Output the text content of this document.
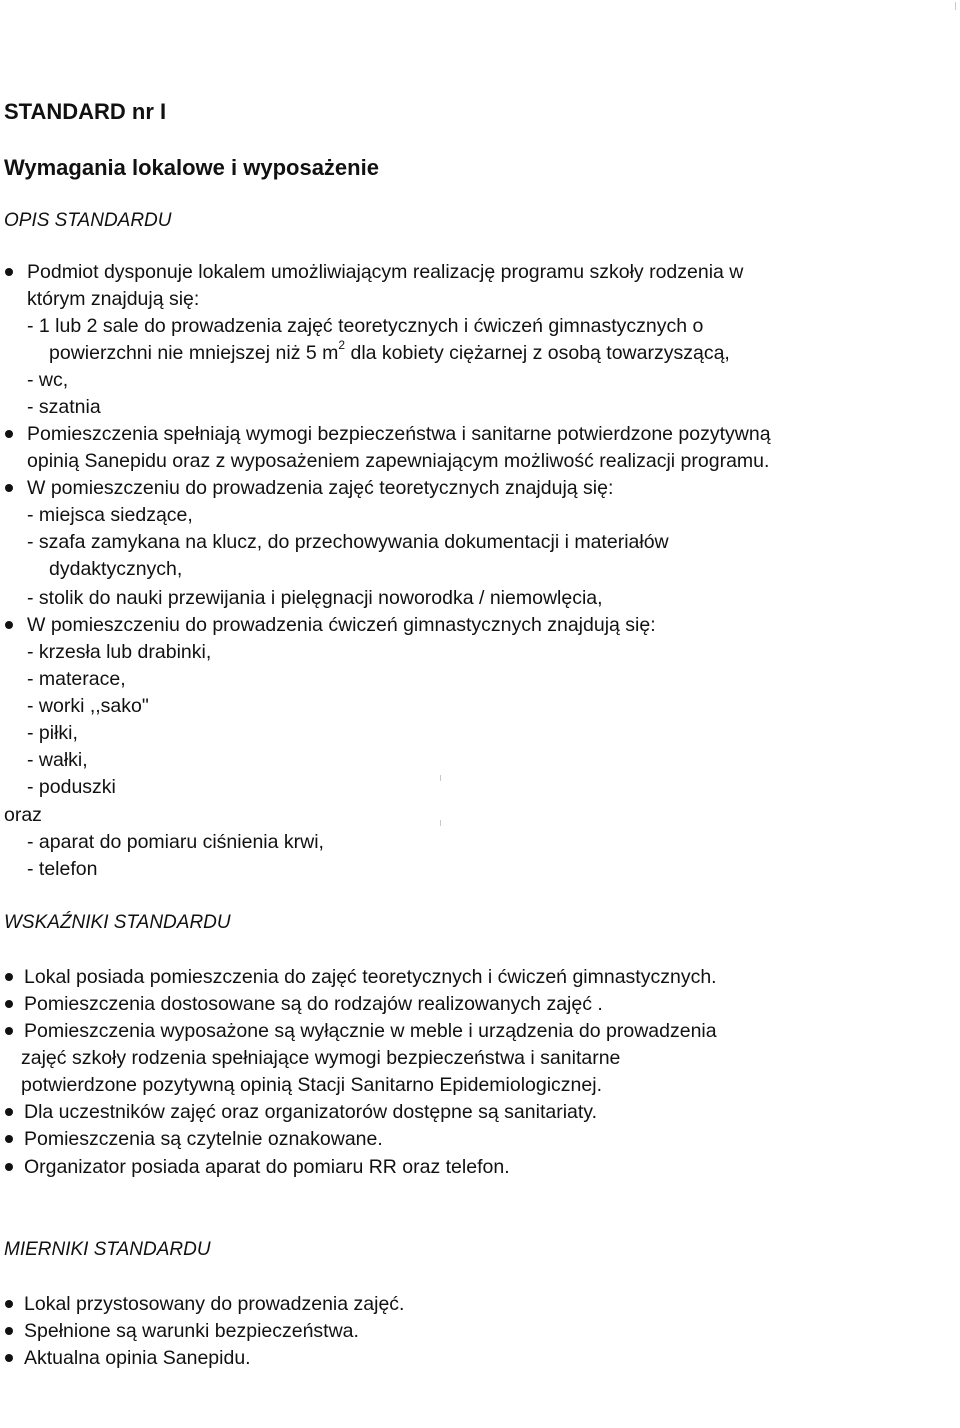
STANDARD nr I
Wymagania lokalowe i wyposażenie
OPIS STANDARDU
Podmiot dysponuje lokalem umożliwiającym realizację programu szkoły rodzenia w
którym znajdują się:
- 1 lub 2 sale do prowadzenia zajęć teoretycznych i ćwiczeń gimnastycznych o
powierzchni nie mniejszej niż 5 $m^2$ dla kobiety ciężarnej z osobą towarzyszącą,
- wc,
- szatnia
Pomieszczenia spełniają wymogi bezpieczeństwa i sanitarne potwierdzone pozytywną
opinią Sanepidu oraz z wyposażeniem zapewniającym możliwość realizacji programu.
W pomieszczeniu do prowadzenia zajęć teoretycznych znajdują się:
- miejsca siedzące,
- szafa zamykana na klucz, do przechowywania dokumentacji i materiałów
dydaktycznych,
- stolik do nauki przewijania i pielęgnacji noworodka / niemowlęcia,
W pomieszczeniu do prowadzenia ćwiczeń gimnastycznych znajdują się:
- krzesła lub drabinki,
- materace,
- worki ,,sako"
- piłki,
- wałki,
- poduszki
oraz
- aparat do pomiaru ciśnienia krwi,
- telefon
WSKAŹNIKI STANDARDU
Lokal posiada pomieszczenia do zajęć teoretycznych i ćwiczeń gimnastycznych.
Pomieszczenia dostosowane są do rodzajów realizowanych zajęć .
Pomieszczenia wyposażone są wyłącznie w meble i urządzenia do prowadzenia
zajęć szkoły rodzenia spełniające wymogi bezpieczeństwa i sanitarne
potwierdzone pozytywną opinią Stacji Sanitarno Epidemiologicznej.
Dla uczestników zajęć oraz organizatorów dostępne są sanitariaty.
Pomieszczenia są czytelnie oznakowane.
Organizator posiada aparat do pomiaru RR oraz telefon.
MIERNIKI STANDARDU
Lokal przystosowany do prowadzenia zajęć.
Spełnione są warunki bezpieczeństwa.
Aktualna opinia Sanepidu.
